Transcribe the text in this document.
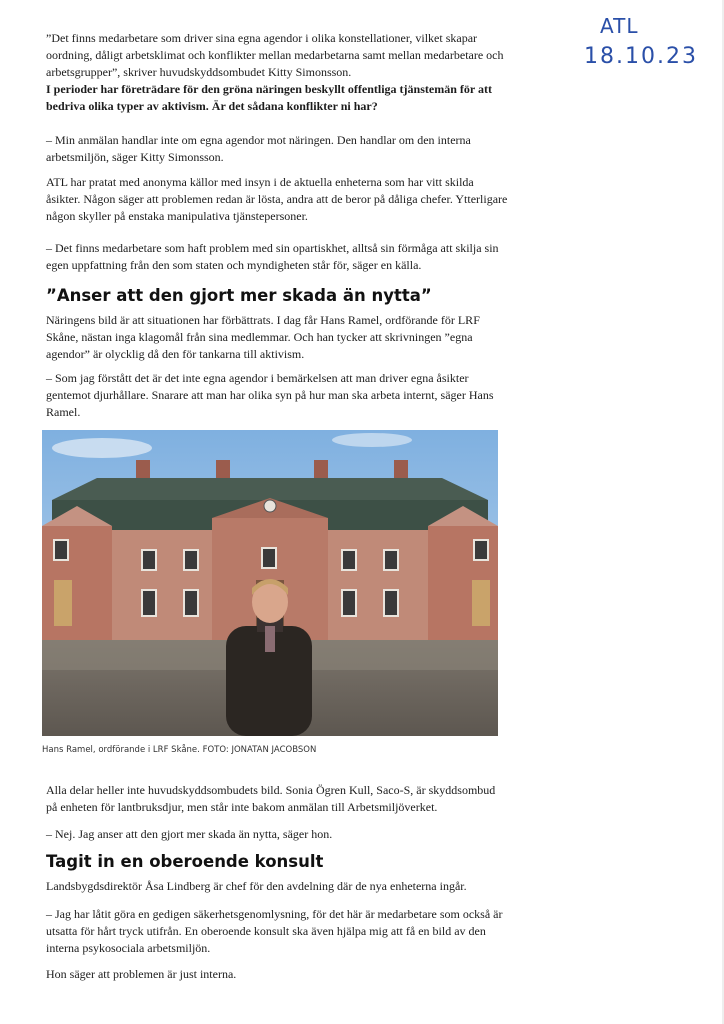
ATL
18.10.23

”Det finns medarbetare som driver sina egna agendor i olika konstellationer, vilket skapar oordning, dåligt arbetsklimat och konflikter mellan medarbetarna samt mellan medarbetare och arbetsgrupper”, skriver huvudskyddsombudet Kitty Simonsson.

I perioder har företrädare för den gröna näringen beskyllt offentliga tjänstemän för att bedriva olika typer av aktivism. Är det sådana konflikter ni har?

– Min anmälan handlar inte om egna agendor mot näringen. Den handlar om den interna arbetsmiljön, säger Kitty Simonsson.

ATL har pratat med anonyma källor med insyn i de aktuella enheterna som har vitt skilda åsikter. Någon säger att problemen redan är lösta, andra att de beror på dåliga chefer. Ytterligare någon skyller på enstaka manipulativa tjänstepersoner.

– Det finns medarbetare som haft problem med sin opartiskhet, alltså sin förmåga att skilja sin egen uppfattning från den som staten och myndigheten står för, säger en källa.

”Anser att den gjort mer skada än nytta”

Näringens bild är att situationen har förbättrats. I dag får Hans Ramel, ordförande för LRF Skåne, nästan inga klagomål från sina medlemmar. Och han tycker att skrivningen ”egna agendor” är olycklig då den för tankarna till aktivism.

– Som jag förstått det är det inte egna agendor i bemärkelsen att man driver egna åsikter gentemot djurhållare. Snarare att man har olika syn på hur man ska arbeta internt, säger Hans Ramel.

Hans Ramel, ordförande i LRF Skåne. FOTO: JONATAN JACOBSON

Alla delar heller inte huvudskyddsombudets bild. Sonia Ögren Kull, Saco-S, är skyddsombud på enheten för lantbruksdjur, men står inte bakom anmälan till Arbetsmiljöverket.

– Nej. Jag anser att den gjort mer skada än nytta, säger hon.

Tagit in en oberoende konsult

Landsbygdsdirektör Åsa Lindberg är chef för den avdelning där de nya enheterna ingår.

– Jag har låtit göra en gedigen säkerhetsgenomlysning, för det här är medarbetare som också är utsatta för hårt tryck utifrån. En oberoende konsult ska även hjälpa mig att få en bild av den interna psykosociala arbetsmiljön.

Hon säger att problemen är just interna.
